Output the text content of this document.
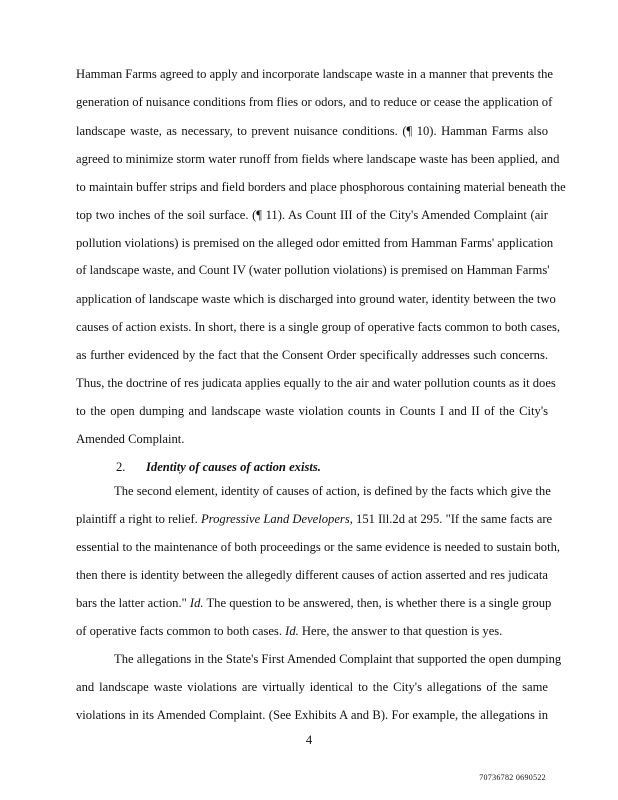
Hamman Farms agreed to apply and incorporate landscape waste in a manner that prevents the
generation of nuisance conditions from flies or odors, and to reduce or cease the application of
landscape waste, as necessary, to prevent nuisance conditions. (¶ 10). Hamman Farms also
agreed to minimize storm water runoff from fields where landscape waste has been applied, and
to maintain buffer strips and field borders and place phosphorous containing material beneath the
top two inches of the soil surface. (¶ 11). As Count III of the City's Amended Complaint (air
pollution violations) is premised on the alleged odor emitted from Hamman Farms' application
of landscape waste, and Count IV (water pollution violations) is premised on Hamman Farms'
application of landscape waste which is discharged into ground water, identity between the two
causes of action exists. In short, there is a single group of operative facts common to both cases,
as further evidenced by the fact that the Consent Order specifically addresses such concerns.
Thus, the doctrine of res judicata applies equally to the air and water pollution counts as it does
to the open dumping and landscape waste violation counts in Counts I and II of the City's
Amended Complaint.
2. Identity of causes of action exists.
The second element, identity of causes of action, is defined by the facts which give the
plaintiff a right to relief. Progressive Land Developers, 151 Ill.2d at 295. "If the same facts are
essential to the maintenance of both proceedings or the same evidence is needed to sustain both,
then there is identity between the allegedly different causes of action asserted and res judicata
bars the latter action." Id. The question to be answered, then, is whether there is a single group
of operative facts common to both cases. Id. Here, the answer to that question is yes.
The allegations in the State's First Amended Complaint that supported the open dumping
and landscape waste violations are virtually identical to the City's allegations of the same
violations in its Amended Complaint. (See Exhibits A and B). For example, the allegations in
4
70736782 0690522
